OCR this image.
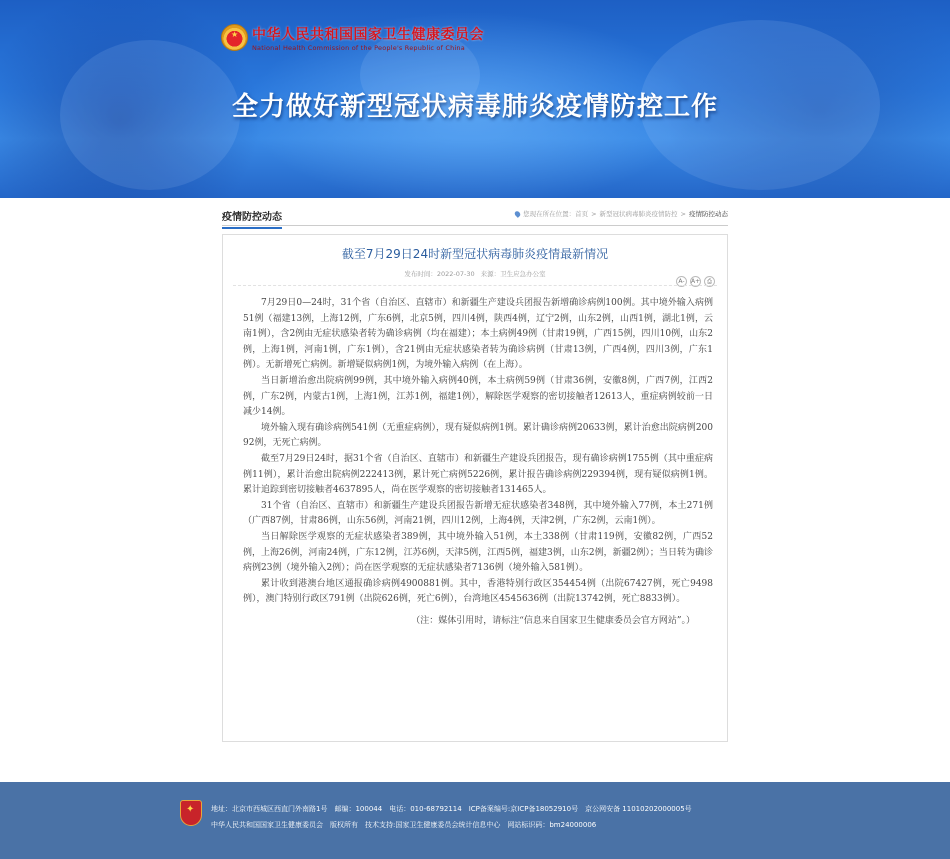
★ 中华人民共和国国家卫生健康委员会
National Health Commission of the People's Republic of China
全力做好新型冠状病毒肺炎疫情防控工作
疫情防控动态	您现在所在位置：首页 > 新型冠状病毒肺炎疫情防控 > 疫情防控动态
截至7月29日24时新型冠状病毒肺炎疫情最新情况
发布时间：2022-07-30 来源：卫生应急办公室
A- A+ ⎙

7月29日0—24时，31个省（自治区、直辖市）和新疆生产建设兵团报告新增确诊病例100例。其中境外输入病例51例（福建13例，上海12例，广东6例，北京5例，四川4例，陕西4例，辽宁2例，山东2例，山西1例，湖北1例，云南1例），含2例由无症状感染者转为确诊病例（均在福建）；本土病例49例（甘肃19例，广西15例，四川10例，山东2例，上海1例，河南1例，广东1例），含21例由无症状感染者转为确诊病例（甘肃13例，广西4例，四川3例，广东1例）。无新增死亡病例。新增疑似病例1例，为境外输入病例（在上海）。

当日新增治愈出院病例99例，其中境外输入病例40例，本土病例59例（甘肃36例，安徽8例，广西7例，江西2例，广东2例，内蒙古1例，上海1例，江苏1例，福建1例），解除医学观察的密切接触者12613人，重症病例较前一日减少14例。

境外输入现有确诊病例541例（无重症病例），现有疑似病例1例。累计确诊病例20633例，累计治愈出院病例20092例，无死亡病例。

截至7月29日24时，据31个省（自治区、直辖市）和新疆生产建设兵团报告，现有确诊病例1755例（其中重症病例11例），累计治愈出院病例222413例，累计死亡病例5226例，累计报告确诊病例229394例，现有疑似病例1例。累计追踪到密切接触者4637895人，尚在医学观察的密切接触者131465人。

31个省（自治区、直辖市）和新疆生产建设兵团报告新增无症状感染者348例，其中境外输入77例，本土271例（广西87例，甘肃86例，山东56例，河南21例，四川12例，上海4例，天津2例，广东2例，云南1例）。

当日解除医学观察的无症状感染者389例，其中境外输入51例，本土338例（甘肃119例，安徽82例，广西52例，上海26例，河南24例，广东12例，江苏6例，天津5例，江西5例，福建3例，山东2例，新疆2例）；当日转为确诊病例23例（境外输入2例）；尚在医学观察的无症状感染者7136例（境外输入581例）。

累计收到港澳台地区通报确诊病例4900881例。其中，香港特别行政区354454例（出院67427例，死亡9498例），澳门特别行政区791例（出院626例，死亡6例），台湾地区4545636例（出院13742例，死亡8833例）。

（注：媒体引用时，请标注“信息来自国家卫生健康委员会官方网站”。）

✦ 地址：北京市西城区西直门外南路1号 邮编：100044 电话：010-68792114 ICP备案编号:京ICP备18052910号 京公网安备 11010202000005号
中华人民共和国国家卫生健康委员会 版权所有 技术支持:国家卫生健康委员会统计信息中心 网站标识码：bm24000006
